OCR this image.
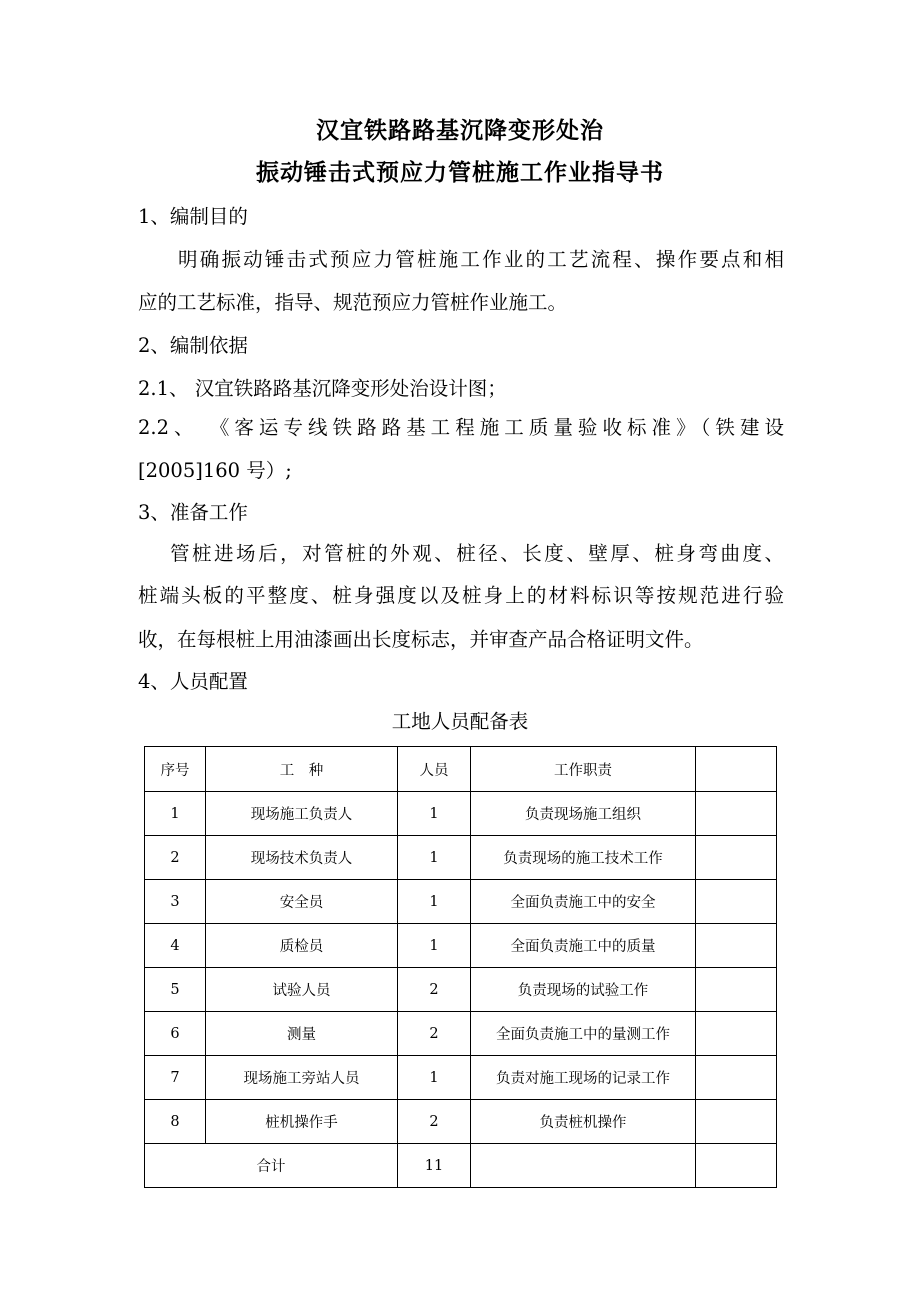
汉宜铁路路基沉降变形处治
振动锤击式预应力管桩施工作业指导书
1、编制目的
明确振动锤击式预应力管桩施工作业的工艺流程、操作要点和相
应的工艺标准，指导、规范预应力管桩作业施工。
2、编制依据
2.1、 汉宜铁路路基沉降变形处治设计图；
2.2、 《客运专线铁路路基工程施工质量验收标准》（铁建设
[2005]160 号）;
3、准备工作
管桩进场后，对管桩的外观、桩径、长度、壁厚、桩身弯曲度、
桩端头板的平整度、桩身强度以及桩身上的材料标识等按规范进行验
收，在每根桩上用油漆画出长度标志，并审查产品合格证明文件。
4、人员配置
工地人员配备表
序号	工　种	人员	工作职责	
1	现场施工负责人	1	负责现场施工组织	
2	现场技术负责人	1	负责现场的施工技术工作	
3	安全员	1	全面负责施工中的安全	
4	质检员	1	全面负责施工中的质量	
5	试验人员	2	负责现场的试验工作	
6	测量	2	全面负责施工中的量测工作	
7	现场施工旁站人员	1	负责对施工现场的记录工作	
8	桩机操作手	2	负责桩机操作	
合计		11		
